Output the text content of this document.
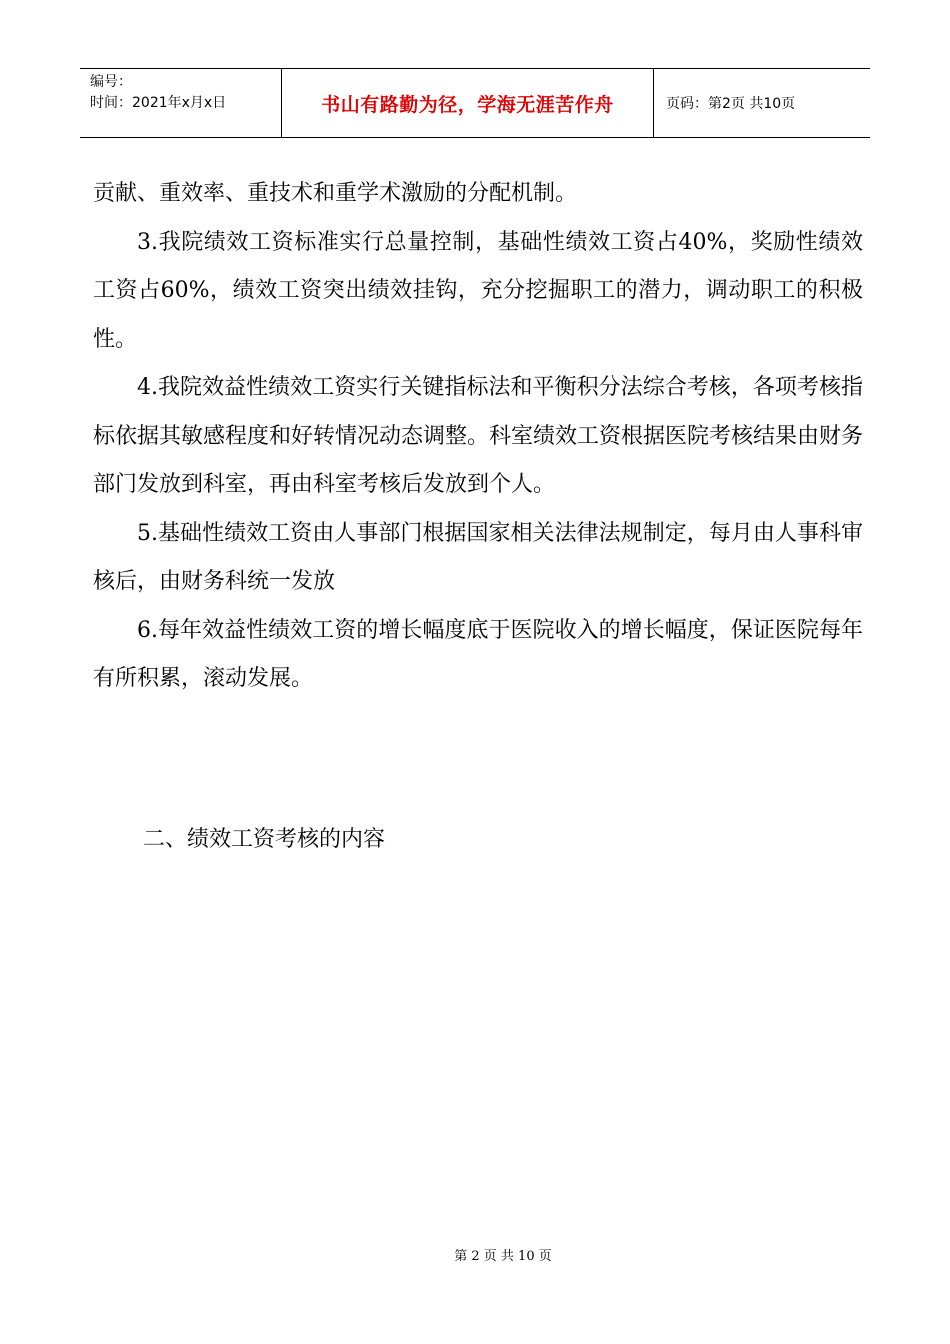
编号：
时间：2021年x月x日	书山有路勤为径，学海无涯苦作舟	页码：第2页 共10页

贡献、重效率、重技术和重学术激励的分配机制。

3.我院绩效工资标准实行总量控制，基础性绩效工资占40%，奖励性绩效工资占60%，绩效工资突出绩效挂钩，充分挖掘职工的潜力，调动职工的积极性。

4.我院效益性绩效工资实行关键指标法和平衡积分法综合考核，各项考核指标依据其敏感程度和好转情况动态调整。科室绩效工资根据医院考核结果由财务部门发放到科室，再由科室考核后发放到个人。

5.基础性绩效工资由人事部门根据国家相关法律法规制定，每月由人事科审核后，由财务科统一发放

6.每年效益性绩效工资的增长幅度底于医院收入的增长幅度，保证医院每年有所积累，滚动发展。

二、绩效工资考核的内容
第 2 页 共 10 页
